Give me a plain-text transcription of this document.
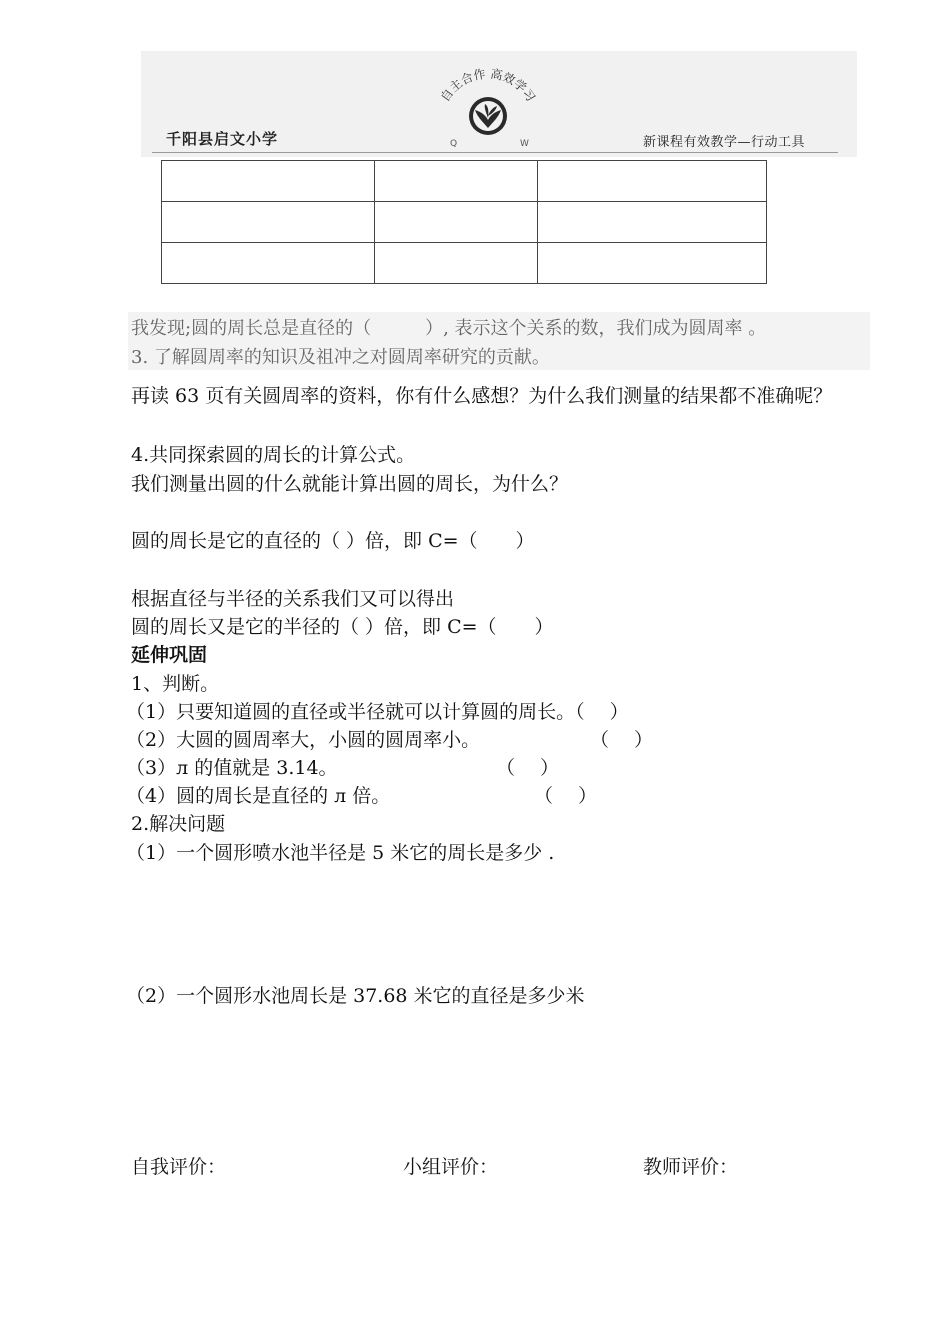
千阳县启文小学	新课程有效教学—行动工具
自主合作 高效学习
Q	W

我发现;圆的周长总是直径的（　　　）, 表示这个关系的数，我们成为圆周率 。
3. 了解圆周率的知识及祖冲之对圆周率研究的贡献。
再读 63 页有关圆周率的资料，你有什么感想？为什么我们测量的结果都不准确呢？
4.共同探索圆的周长的计算公式。
我们测量出圆的什么就能计算出圆的周长，为什么？
圆的周长是它的直径的（ ）倍，即 C=（　　）
根据直径与半径的关系我们又可以得出
圆的周长又是它的半径的（ ）倍，即 C=（　　）
延伸巩固
1、判断。
（1）只要知道圆的直径或半径就可以计算圆的周长。（　 ）
（2）大圆的圆周率大，小圆的圆周率小。	（　 ）
（3）л 的值就是 3.14。	（　 ）
（4）圆的周长是直径的 л 倍。	（　 ）
2.解决问题
（1）一个圆形喷水池半径是 5 米它的周长是多少 .
（2）一个圆形水池周长是 37.68 米它的直径是多少米
自我评价：	小组评价：	教师评价：
